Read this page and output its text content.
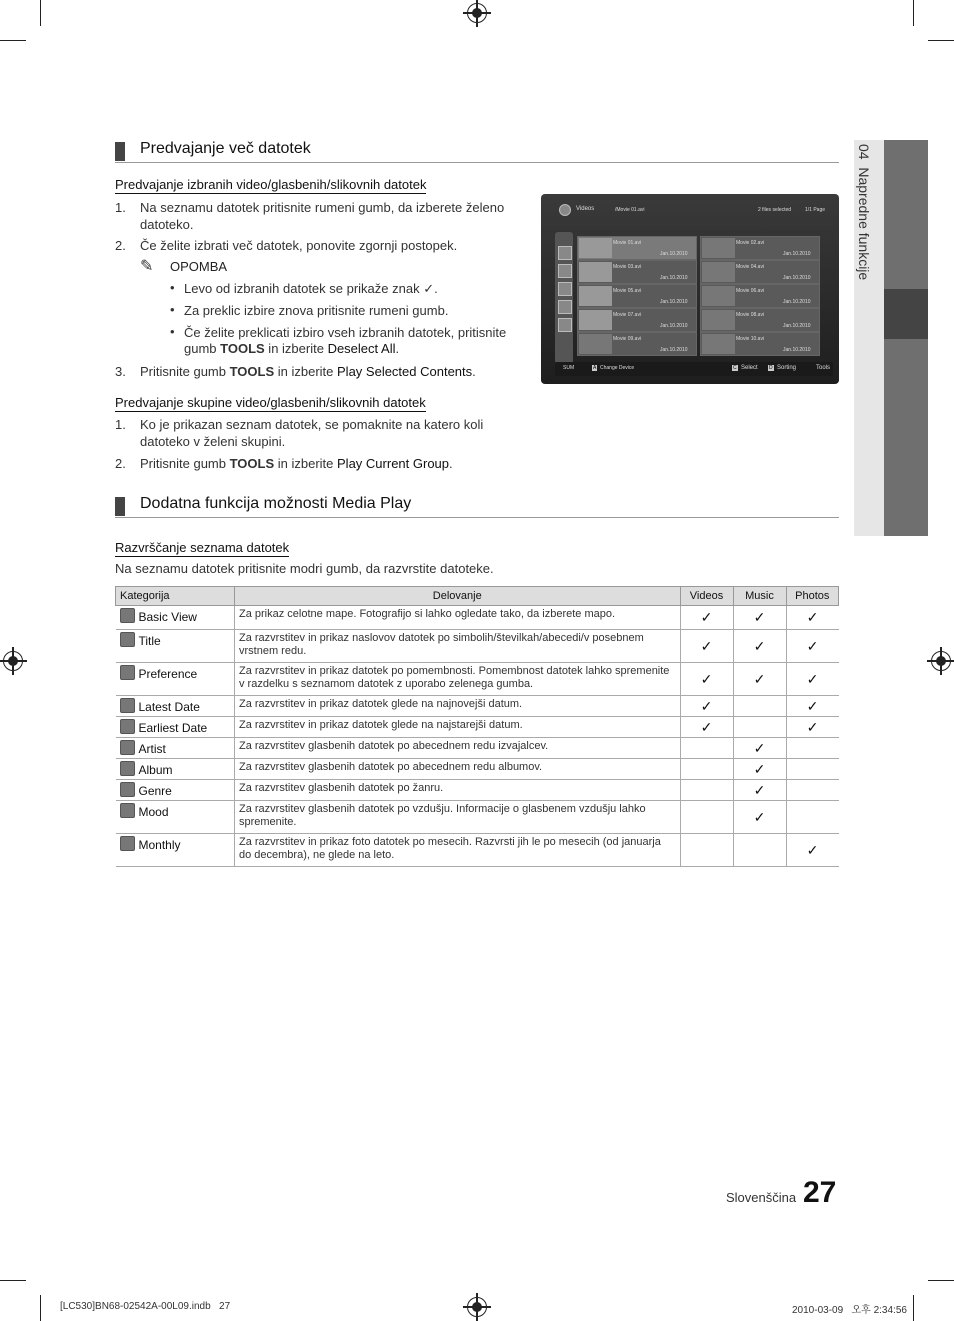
04  Napredne funkcije
Predvajanje več datotek
Predvajanje izbranih video/glasbenih/slikovnih datotek
1. Na seznamu datotek pritisnite rumeni gumb, da izberete želeno datoteko.
2. Če želite izbrati več datotek, ponovite zgornji postopek.
✎ OPOMBA
• Levo od izbranih datotek se prikaže znak ✓.
• Za preklic izbire znova pritisnite rumeni gumb.
• Če želite preklicati izbiro vseh izbranih datotek, pritisnite gumb TOOLS in izberite Deselect All.
3. Pritisnite gumb TOOLS in izberite Play Selected Contents.
Predvajanje skupine video/glasbenih/slikovnih datotek
1. Ko je prikazan seznam datotek, se pomaknite na katero koli datoteko v želeni skupini.
2. Pritisnite gumb TOOLS in izberite Play Current Group.
Videos	/Movie 01.avi	2 files selected	1/1 Page
Movie 01.avi
Jan.10.2010
Movie 02.avi
Jan.10.2010
Movie 03.avi
Jan.10.2010
Movie 04.avi
Jan.10.2010
Movie 05.avi
Jan.10.2010
Movie 06.avi
Jan.10.2010
Movie 07.avi
Jan.10.2010
Movie 08.avi
Jan.10.2010
Movie 09.avi
Jan.10.2010
Movie 10.avi
Jan.10.2010
SUM	A Change Device	C Select D Sorting	Tools
Dodatna funkcija možnosti Media Play
Razvrščanje seznama datotek
Na seznamu datotek pritisnite modri gumb, da razvrstite datoteke.
Kategorija	Delovanje	Videos	Music	Photos
Basic View	Za prikaz celotne mape. Fotografijo si lahko ogledate tako, da izberete mapo.	✓	✓	✓
Title	Za razvrstitev in prikaz naslovov datotek po simbolih/številkah/abecedi/v posebnem vrstnem redu.	✓	✓	✓
Preference	Za razvrstitev in prikaz datotek po pomembnosti. Pomembnost datotek lahko spremenite v razdelku s seznamom datotek z uporabo zelenega gumba.	✓	✓	✓
Latest Date	Za razvrstitev in prikaz datotek glede na najnovejši datum.	✓		✓
Earliest Date	Za razvrstitev in prikaz datotek glede na najstarejši datum.	✓		✓
Artist	Za razvrstitev glasbenih datotek po abecednem redu izvajalcev.		✓	
Album	Za razvrstitev glasbenih datotek po abecednem redu albumov.		✓	
Genre	Za razvrstitev glasbenih datotek po žanru.		✓	
Mood	Za razvrstitev glasbenih datotek po vzdušju. Informacije o glasbenem vzdušju lahko spremenite.		✓	
Monthly	Za razvrstitev in prikaz foto datotek po mesecih. Razvrsti jih le po mesecih (od januarja do decembra), ne glede na leto.			✓
Slovenščina 27
[LC530]BN68-02542A-00L09.indb   27	2010-03-09   오후 2:34:56
